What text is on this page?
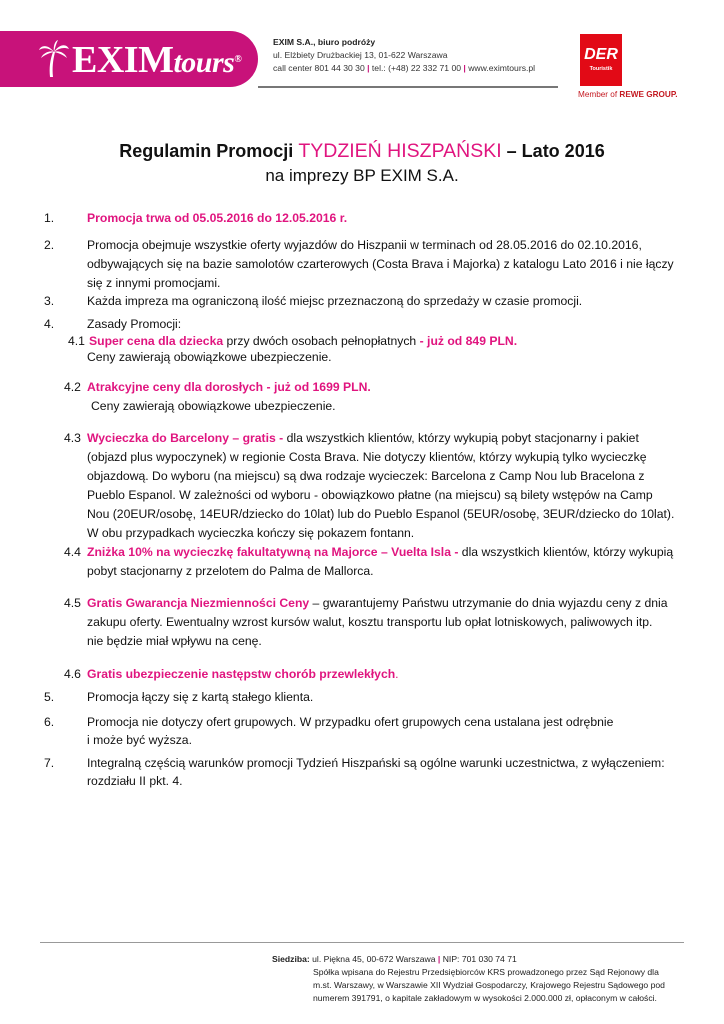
EXIMtours®
EXIM S.A., biuro podróży
ul. Elżbiety Drużbackiej 13, 01-622 Warszawa
call center 801 44 30 30 | tel.: (+48) 22 332 71 00 | www.eximtours.pl
DER
Touristik
Member of REWE GROUP.
Regulamin Promocji TYDZIEŃ HISZPAŃSKI – Lato 2016
na imprezy BP EXIM S.A.
1.	Promocja trwa od 05.05.2016 do 12.05.2016 r.
2.	Promocja obejmuje wszystkie oferty wyjazdów do Hiszpanii w terminach od 28.05.2016 do 02.10.2016,
odbywających się na bazie samolotów czarterowych (Costa Brava i Majorka) z katalogu Lato 2016 i nie łączy
się z innymi promocjami.
3.	Każda impreza ma ograniczoną ilość miejsc przeznaczoną do sprzedaży w czasie promocji.
4.	Zasady Promocji:
4.1 Super cena dla dziecka przy dwóch osobach pełnopłatnych - już od 849 PLN.
Ceny zawierają obowiązkowe ubezpieczenie.
4.2 Atrakcyjne ceny dla dorosłych - już od 1699 PLN.
Ceny zawierają obowiązkowe ubezpieczenie.
4.3 Wycieczka do Barcelony – gratis - dla wszystkich klientów, którzy wykupią pobyt stacjonarny i pakiet
(objazd plus wypoczynek) w regionie Costa Brava. Nie dotyczy klientów, którzy wykupią tylko wycieczkę
objazdową. Do wyboru (na miejscu) są dwa rodzaje wycieczek: Barcelona z Camp Nou lub Bracelona z
Pueblo Espanol. W zależności od wyboru - obowiązkowo płatne (na miejscu) są bilety wstępów na Camp
Nou (20EUR/osobę, 14EUR/dziecko do 10lat) lub do Pueblo Espanol (5EUR/osobę, 3EUR/dziecko do 10lat).
W obu przypadkach wycieczka kończy się pokazem fontann.
4.4 Zniżka 10% na wycieczkę fakultatywną na Majorce – Vuelta Isla - dla wszystkich klientów, którzy wykupią
pobyt stacjonarny z przelotem do Palma de Mallorca.
4.5 Gratis Gwarancja Niezmienności Ceny – gwarantujemy Państwu utrzymanie do dnia wyjazdu ceny z dnia
zakupu oferty. Ewentualny wzrost kursów walut, kosztu transportu lub opłat lotniskowych, paliwowych itp.
nie będzie miał wpływu na cenę.
4.6 Gratis ubezpieczenie następstw chorób przewlekłych.
5.	Promocja łączy się z kartą stałego klienta.
6.	Promocja nie dotyczy ofert grupowych. W przypadku ofert grupowych cena ustalana jest odrębnie
i może być wyższa.
7.	Integralną częścią warunków promocji Tydzień Hiszpański są ogólne warunki uczestnictwa, z wyłączeniem:
rozdziału II pkt. 4.
Siedziba: ul. Piękna 45, 00-672 Warszawa | NIP: 701 030 74 71
Spółka wpisana do Rejestru Przedsiębiorców KRS prowadzonego przez Sąd Rejonowy dla
m.st. Warszawy, w Warszawie XII Wydział Gospodarczy, Krajowego Rejestru Sądowego pod
numerem 391791, o kapitale zakładowym w wysokości 2.000.000 zł, opłaconym w całości.
